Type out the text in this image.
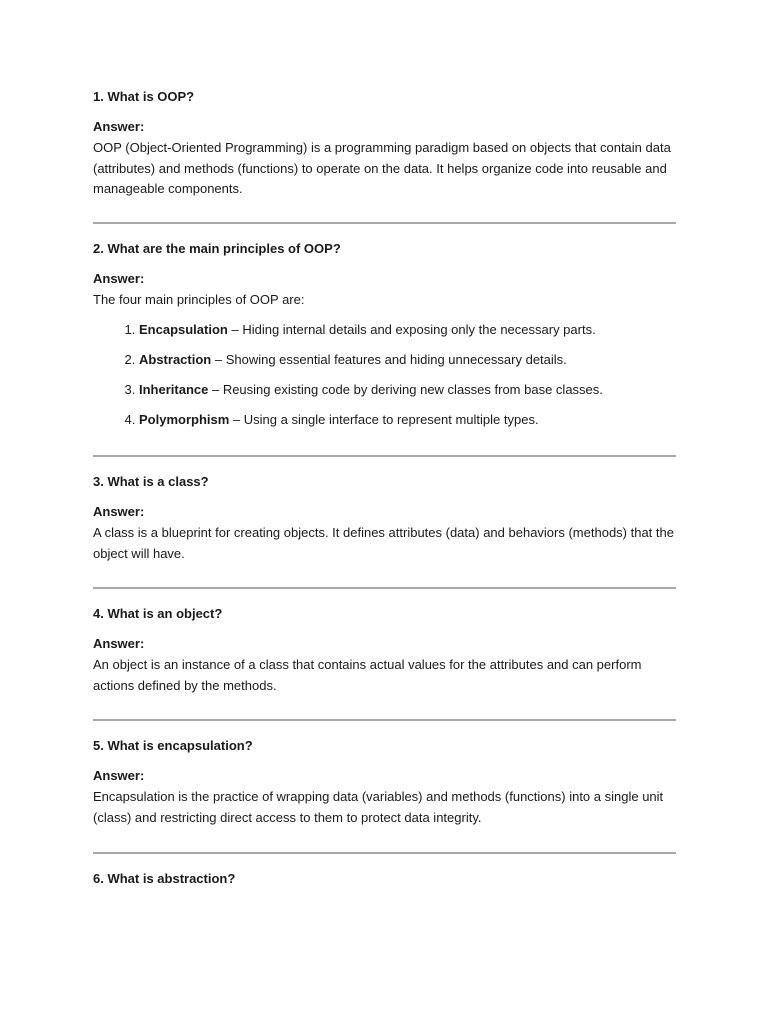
1. What is OOP?

Answer:

OOP (Object-Oriented Programming) is a programming paradigm based on objects that contain data (attributes) and methods (functions) to operate on the data. It helps organize code into reusable and manageable components.

2. What are the main principles of OOP?

Answer:

The four main principles of OOP are:

1. Encapsulation – Hiding internal details and exposing only the necessary parts.
2. Abstraction – Showing essential features and hiding unnecessary details.
3. Inheritance – Reusing existing code by deriving new classes from base classes.
4. Polymorphism – Using a single interface to represent multiple types.

3. What is a class?

Answer:

A class is a blueprint for creating objects. It defines attributes (data) and behaviors (methods) that the object will have.

4. What is an object?

Answer:

An object is an instance of a class that contains actual values for the attributes and can perform actions defined by the methods.

5. What is encapsulation?

Answer:

Encapsulation is the practice of wrapping data (variables) and methods (functions) into a single unit (class) and restricting direct access to them to protect data integrity.

6. What is abstraction?
